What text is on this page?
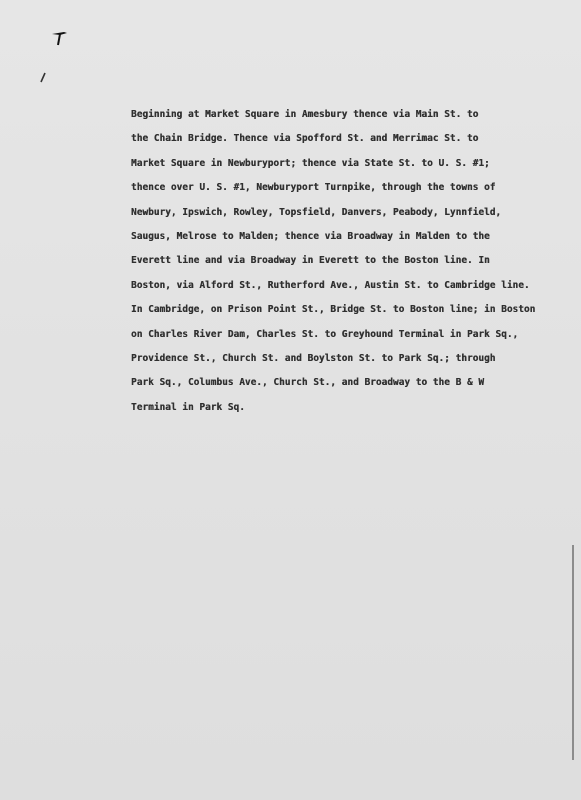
Beginning at Market Square in Amesbury thence via Main St. to
the Chain Bridge. Thence via Spofford St. and Merrimac St. to
Market Square in Newburyport; thence via State St. to U. S. #1;
thence over U. S. #1, Newburyport Turnpike, through the towns of
Newbury, Ipswich, Rowley, Topsfield, Danvers, Peabody, Lynnfield,
Saugus, Melrose to Malden; thence via Broadway in Malden to the
Everett line and via Broadway in Everett to the Boston line. In
Boston, via Alford St., Rutherford Ave., Austin St. to Cambridge line.
In Cambridge, on Prison Point St., Bridge St. to Boston line; in Boston
on Charles River Dam, Charles St. to Greyhound Terminal in Park Sq.,
Providence St., Church St. and Boylston St. to Park Sq.; through
Park Sq., Columbus Ave., Church St., and Broadway to the B & W
Terminal in Park Sq.
